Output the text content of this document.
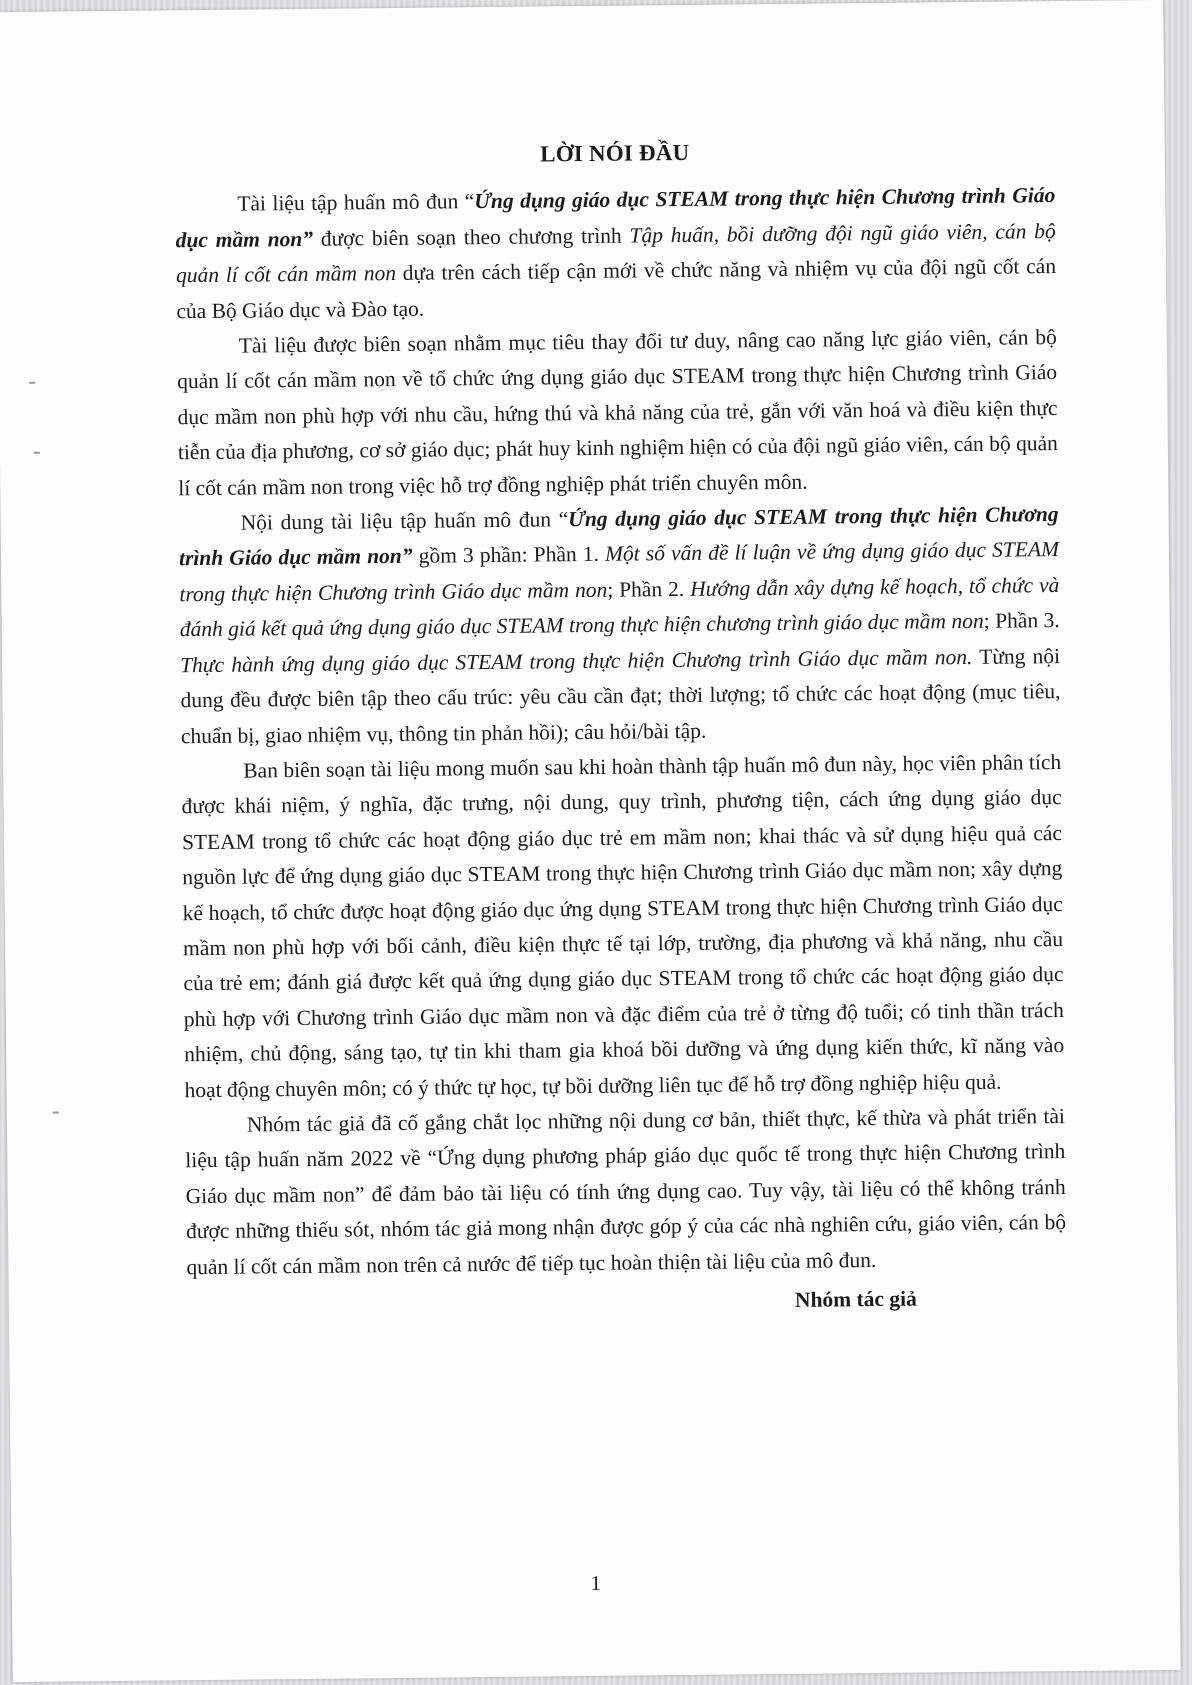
LỜI NÓI ĐẦU

Tài liệu tập huấn mô đun “Ứng dụng giáo dục STEAM trong thực hiện Chương trình Giáo dục mầm non” được biên soạn theo chương trình Tập huấn, bồi dưỡng đội ngũ giáo viên, cán bộ quản lí cốt cán mầm non dựa trên cách tiếp cận mới về chức năng và nhiệm vụ của đội ngũ cốt cán của Bộ Giáo dục và Đào tạo.

Tài liệu được biên soạn nhằm mục tiêu thay đổi tư duy, nâng cao năng lực giáo viên, cán bộ quản lí cốt cán mầm non về tổ chức ứng dụng giáo dục STEAM trong thực hiện Chương trình Giáo dục mầm non phù hợp với nhu cầu, hứng thú và khả năng của trẻ, gắn với văn hoá và điều kiện thực tiễn của địa phương, cơ sở giáo dục; phát huy kinh nghiệm hiện có của đội ngũ giáo viên, cán bộ quản lí cốt cán mầm non trong việc hỗ trợ đồng nghiệp phát triển chuyên môn.

Nội dung tài liệu tập huấn mô đun “Ứng dụng giáo dục STEAM trong thực hiện Chương trình Giáo dục mầm non” gồm 3 phần: Phần 1. Một số vấn đề lí luận về ứng dụng giáo dục STEAM trong thực hiện Chương trình Giáo dục mầm non; Phần 2. Hướng dẫn xây dựng kế hoạch, tổ chức và đánh giá kết quả ứng dụng giáo dục STEAM trong thực hiện chương trình giáo dục mầm non; Phần 3. Thực hành ứng dụng giáo dục STEAM trong thực hiện Chương trình Giáo dục mầm non. Từng nội dung đều được biên tập theo cấu trúc: yêu cầu cần đạt; thời lượng; tổ chức các hoạt động (mục tiêu, chuẩn bị, giao nhiệm vụ, thông tin phản hồi); câu hỏi/bài tập.

Ban biên soạn tài liệu mong muốn sau khi hoàn thành tập huấn mô đun này, học viên phân tích được khái niệm, ý nghĩa, đặc trưng, nội dung, quy trình, phương tiện, cách ứng dụng giáo dục STEAM trong tổ chức các hoạt động giáo dục trẻ em mầm non; khai thác và sử dụng hiệu quả các nguồn lực để ứng dụng giáo dục STEAM trong thực hiện Chương trình Giáo dục mầm non; xây dựng kế hoạch, tổ chức được hoạt động giáo dục ứng dụng STEAM trong thực hiện Chương trình Giáo dục mầm non phù hợp với bối cảnh, điều kiện thực tế tại lớp, trường, địa phương và khả năng, nhu cầu của trẻ em; đánh giá được kết quả ứng dụng giáo dục STEAM trong tổ chức các hoạt động giáo dục phù hợp với Chương trình Giáo dục mầm non và đặc điểm của trẻ ở từng độ tuổi; có tinh thần trách nhiệm, chủ động, sáng tạo, tự tin khi tham gia khoá bồi dưỡng và ứng dụng kiến thức, kĩ năng vào hoạt động chuyên môn; có ý thức tự học, tự bồi dưỡng liên tục để hỗ trợ đồng nghiệp hiệu quả.

Nhóm tác giả đã cố gắng chắt lọc những nội dung cơ bản, thiết thực, kế thừa và phát triển tài liệu tập huấn năm 2022 về “Ứng dụng phương pháp giáo dục quốc tế trong thực hiện Chương trình Giáo dục mầm non” để đảm bảo tài liệu có tính ứng dụng cao. Tuy vậy, tài liệu có thể không tránh được những thiếu sót, nhóm tác giả mong nhận được góp ý của các nhà nghiên cứu, giáo viên, cán bộ quản lí cốt cán mầm non trên cả nước để tiếp tục hoàn thiện tài liệu của mô đun.

Nhóm tác giả
1
